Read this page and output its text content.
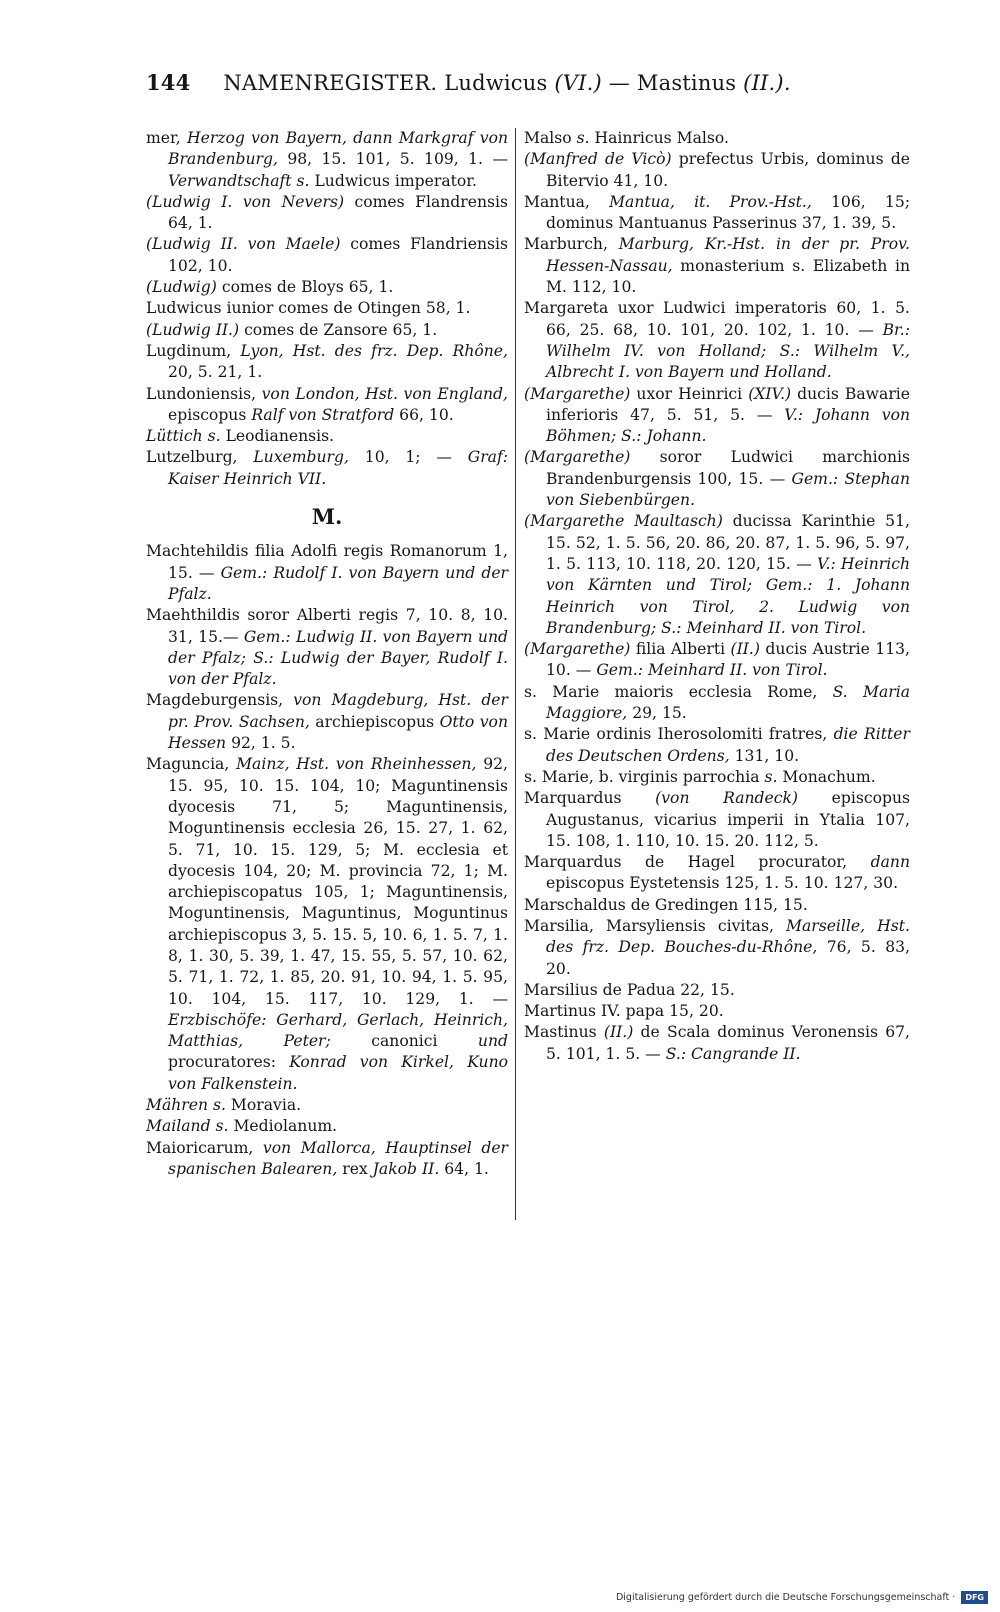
144 NAMENREGISTER. Ludwicus (VI.) — Mastinus (II.).

mer, Herzog von Bayern, dann Markgraf von Brandenburg, 98, 15. 101, 5. 109, 1. — Verwandtschaft s. Ludwicus imperator.

(Ludwig I. von Nevers) comes Flandrensis 64, 1.

(Ludwig II. von Maele) comes Flandriensis 102, 10.

(Ludwig) comes de Bloys 65, 1.

Ludwicus iunior comes de Otingen 58, 1.

(Ludwig II.) comes de Zansore 65, 1.

Lugdinum, Lyon, Hst. des frz. Dep. Rhône, 20, 5. 21, 1.

Lundoniensis, von London, Hst. von England, episcopus Ralf von Stratford 66, 10.

Lüttich s. Leodianensis.

Lutzelburg, Luxemburg, 10, 1; — Graf: Kaiser Heinrich VII.

M.

Machtehildis filia Adolfi regis Romanorum 1, 15. — Gem.: Rudolf I. von Bayern und der Pfalz.

Maehthildis soror Alberti regis 7, 10. 8, 10. 31, 15.— Gem.: Ludwig II. von Bayern und der Pfalz; S.: Ludwig der Bayer, Rudolf I. von der Pfalz.

Magdeburgensis, von Magdeburg, Hst. der pr. Prov. Sachsen, archiepiscopus Otto von Hessen 92, 1. 5.

Maguncia, Mainz, Hst. von Rheinhessen, 92, 15. 95, 10. 15. 104, 10; Maguntinensis dyocesis 71, 5; Maguntinensis, Moguntinensis ecclesia 26, 15. 27, 1. 62, 5. 71, 10. 15. 129, 5; M. ecclesia et dyocesis 104, 20; M. provincia 72, 1; M. archiepiscopatus 105, 1; Maguntinensis, Moguntinensis, Maguntinus, Moguntinus archiepiscopus 3, 5. 15. 5, 10. 6, 1. 5. 7, 1. 8, 1. 30, 5. 39, 1. 47, 15. 55, 5. 57, 10. 62, 5. 71, 1. 72, 1. 85, 20. 91, 10. 94, 1. 5. 95, 10. 104, 15. 117, 10. 129, 1. — Erzbischöfe: Gerhard, Gerlach, Heinrich, Matthias, Peter; canonici und procuratores: Konrad von Kirkel, Kuno von Falkenstein.

Mähren s. Moravia.

Mailand s. Mediolanum.

Maioricarum, von Mallorca, Hauptinsel der spanischen Balearen, rex Jakob II. 64, 1.

Malso s. Hainricus Malso.

(Manfred de Vicò) prefectus Urbis, dominus de Bitervio 41, 10.

Mantua, Mantua, it. Prov.-Hst., 106, 15; dominus Mantuanus Passerinus 37, 1. 39, 5.

Marburch, Marburg, Kr.-Hst. in der pr. Prov. Hessen-Nassau, monasterium s. Elizabeth in M. 112, 10.

Margareta uxor Ludwici imperatoris 60, 1. 5. 66, 25. 68, 10. 101, 20. 102, 1. 10. — Br.: Wilhelm IV. von Holland; S.: Wilhelm V., Albrecht I. von Bayern und Holland.

(Margarethe) uxor Heinrici (XIV.) ducis Bawarie inferioris 47, 5. 51, 5. — V.: Johann von Böhmen; S.: Johann.

(Margarethe) soror Ludwici marchionis Brandenburgensis 100, 15. — Gem.: Stephan von Siebenbürgen.

(Margarethe Maultasch) ducissa Karinthie 51, 15. 52, 1. 5. 56, 20. 86, 20. 87, 1. 5. 96, 5. 97, 1. 5. 113, 10. 118, 20. 120, 15. — V.: Heinrich von Kärnten und Tirol; Gem.: 1. Johann Heinrich von Tirol, 2. Ludwig von Brandenburg; S.: Meinhard II. von Tirol.

(Margarethe) filia Alberti (II.) ducis Austrie 113, 10. — Gem.: Meinhard II. von Tirol.

s. Marie maioris ecclesia Rome, S. Maria Maggiore, 29, 15.

s. Marie ordinis Iherosolomiti fratres, die Ritter des Deutschen Ordens, 131, 10.

s. Marie, b. virginis parrochia s. Monachum.

Marquardus (von Randeck) episcopus Augustanus, vicarius imperii in Ytalia 107, 15. 108, 1. 110, 10. 15. 20. 112, 5.

Marquardus de Hagel procurator, dann episcopus Eystetensis 125, 1. 5. 10. 127, 30.

Marschaldus de Gredingen 115, 15.

Marsilia, Marsyliensis civitas, Marseille, Hst. des frz. Dep. Bouches-du-Rhône, 76, 5. 83, 20.

Marsilius de Padua 22, 15.

Martinus IV. papa 15, 20.

Mastinus (II.) de Scala dominus Veronensis 67, 5. 101, 1. 5. — S.: Cangrande II.

Digitalisierung gefördert durch die Deutsche Forschungsgemeinschaft · DFG
